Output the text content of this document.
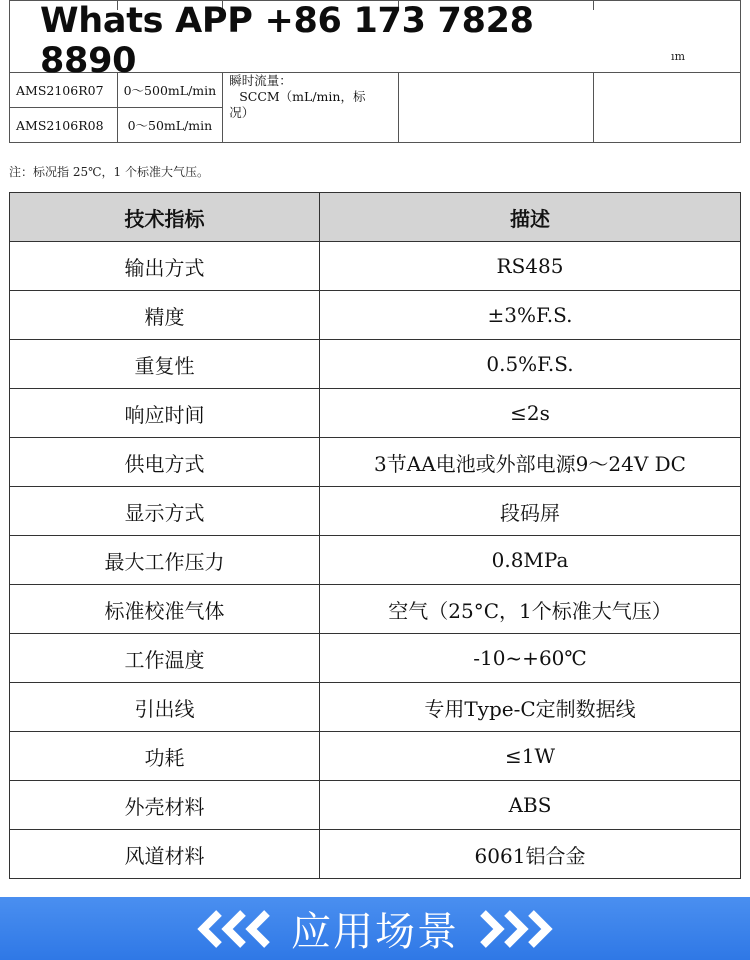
AMS2106R07	0～500mL/min	瞬时流量：
SCCM（mL/min，标
况）		

AMS2106R08	0～50mL/min			
ım
Whats APP +86 173 7828 8890
注：标况指 25℃，1 个标准大气压。
技术指标	描述
输出方式	RS485
精度	±3%F.S.
重复性	0.5%F.S.
响应时间	≤2s
供电方式	3节AA电池或外部电源9～24V DC
显示方式	段码屏
最大工作压力	0.8MPa
标准校准气体	空气（25°C，1个标准大气压）
工作温度	-10~+60℃
引出线	专用Type-C定制数据线
功耗	≤1W
外壳材料	ABS
风道材料	6061铝合金
应用场景
